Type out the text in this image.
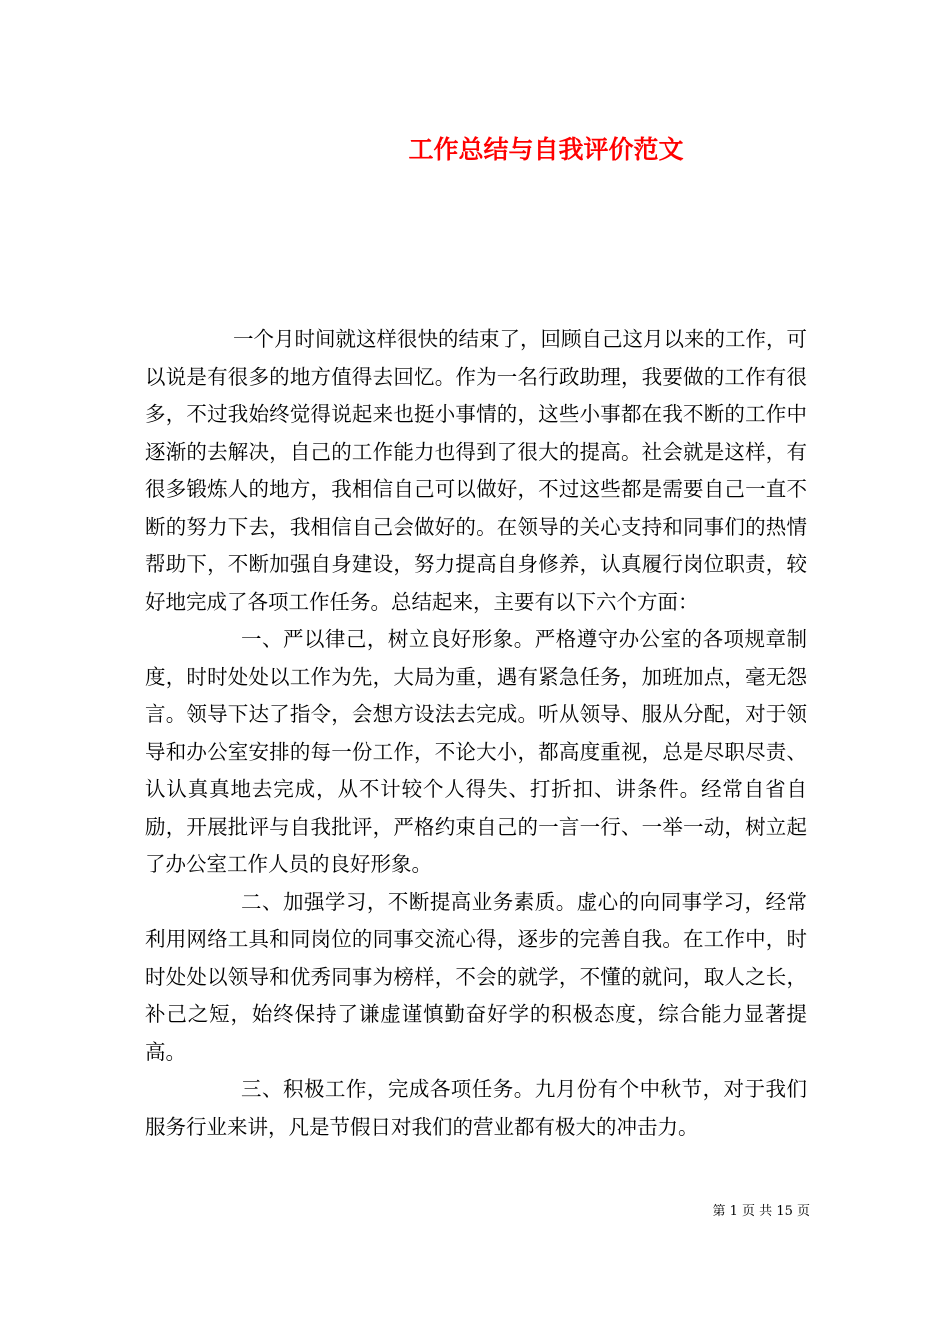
工作总结与自我评价范文

一个月时间就这样很快的结束了，回顾自己这月以来的工作，可以说是有很多的地方值得去回忆。作为一名行政助理，我要做的工作有很多，不过我始终觉得说起来也挺小事情的，这些小事都在我不断的工作中逐渐的去解决，自己的工作能力也得到了很大的提高。社会就是这样，有很多锻炼人的地方，我相信自己可以做好，不过这些都是需要自己一直不断的努力下去，我相信自己会做好的。在领导的关心支持和同事们的热情帮助下，不断加强自身建设，努力提高自身修养，认真履行岗位职责，较好地完成了各项工作任务。总结起来，主要有以下六个方面：

一、严以律己，树立良好形象。严格遵守办公室的各项规章制度，时时处处以工作为先，大局为重，遇有紧急任务，加班加点，毫无怨言。领导下达了指令，会想方设法去完成。听从领导、服从分配，对于领导和办公室安排的每一份工作，不论大小，都高度重视，总是尽职尽责、认认真真地去完成，从不计较个人得失、打折扣、讲条件。经常自省自励，开展批评与自我批评，严格约束自己的一言一行、一举一动，树立起了办公室工作人员的良好形象。

二、加强学习，不断提高业务素质。虚心的向同事学习，经常利用网络工具和同岗位的同事交流心得，逐步的完善自我。在工作中，时时处处以领导和优秀同事为榜样，不会的就学，不懂的就问，取人之长，补己之短，始终保持了谦虚谨慎勤奋好学的积极态度，综合能力显著提高。

三、积极工作，完成各项任务。九月份有个中秋节，对于我们服务行业来讲，凡是节假日对我们的营业都有极大的冲击力。

第 1 页 共 15 页
